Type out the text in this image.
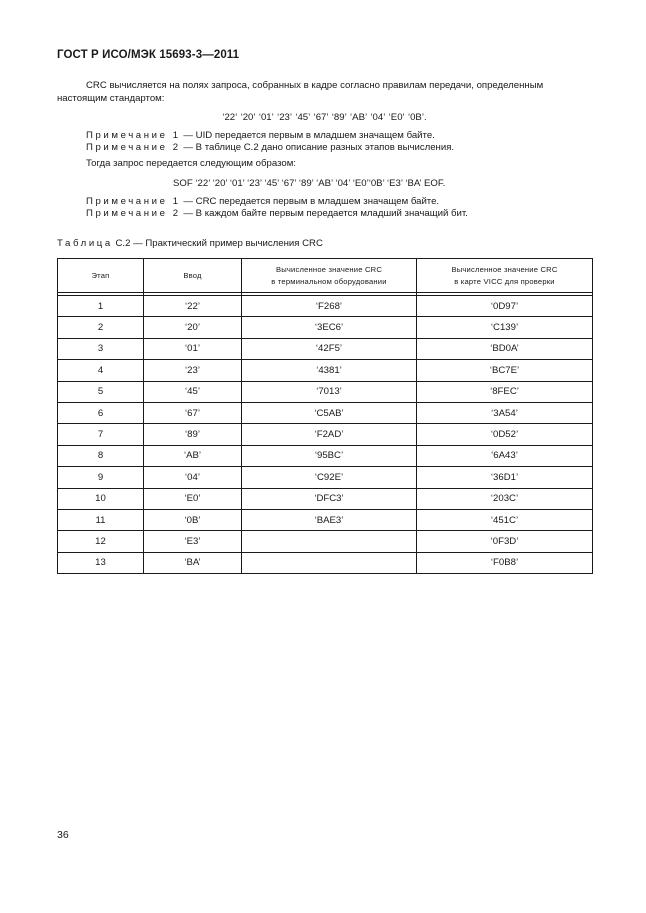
ГОСТ Р ИСО/МЭК 15693-3—2011
CRC вычисляется на полях запроса, собранных в кадре согласно правилам передачи, определенным
настоящим стандартом:
‘22’ ‘20’ ‘01’ ‘23’ ‘45’ ‘67’ ‘89’ ‘AB’ ‘04’ ‘E0’ ‘0B’.
Примечание 1 — UID передается первым в младшем значащем байте.
Примечание 2 — В таблице С.2 дано описание разных этапов вычисления.
Тогда запрос передается следующим образом:
SOF ‘22’ ‘20’ ‘01’ ‘23’ ‘45’ ‘67’ ‘89’ ‘AB’ ‘04’ ‘E0’‘0B’ ‘E3’ ‘BA’ EOF.
Примечание 1 — CRC передается первым в младшем значащем байте.
Примечание 2 — В каждом байте первым передается младший значащий бит.
Таблица С.2 — Практический пример вычисления CRC
Этап	Ввод	Вычисленное значение CRC
в терминальном оборудовании	Вычисленное значение CRC
в карте VICC для проверки

1	‘22’	‘F268’	‘0D97’
2	‘20’	‘3EC6’	‘C139’
3	‘01’	‘42F5’	‘BD0A’
4	‘23’	‘4381’	‘BC7E’
5	‘45’	‘7013’	‘8FEC’
6	‘67’	‘C5AB’	‘3A54’
7	‘89’	‘F2AD’	‘0D52’
8	‘AB’	‘95BC’	‘6A43’
9	‘04’	‘C92E’	‘36D1’
10	‘E0’	‘DFC3’	‘203C’
11	‘0B’	‘BAE3’	‘451C’
12	‘E3’		‘0F3D’
13	‘BA’		‘F0B8’
36
